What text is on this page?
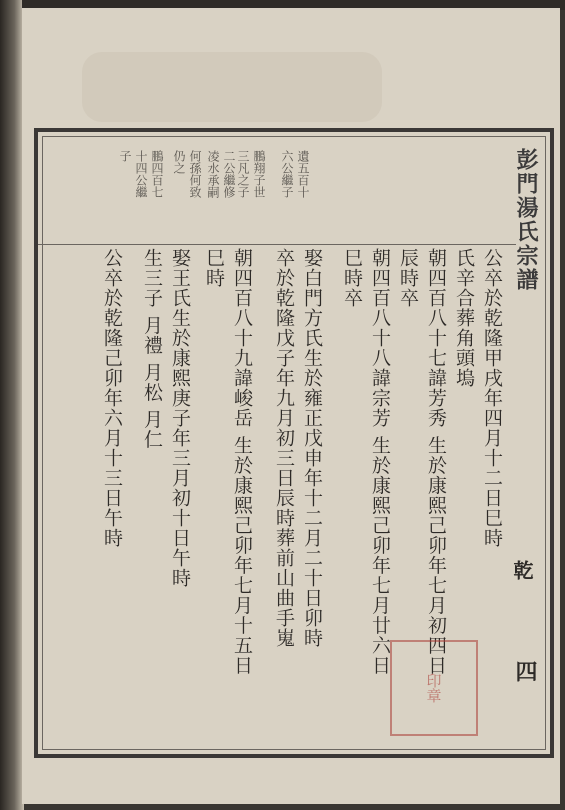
彭門湯氏宗譜
遺五百十
六公繼子
鵬翔子世
三凡之子
二公繼修
凌水承嗣
何孫何致
仍之
鵬四百七
十四公繼
子
公卒於乾隆甲戌年四月十二日巳時
氏辛合葬角頭塢
朝四百八十七諱芳秀 生於康熙己卯年七月初四日
辰時卒
朝四百八十八諱宗芳 生於康熙己卯年七月廿六日
巳時卒
娶白門方氏生於雍正戊申年十二月二十日卯時
卒於乾隆戊子年九月初三日辰時葬前山曲手嵬
朝四百八十九諱峻岳 生於康熙己卯年七月十五日
巳時
娶王氏生於康熙庚子年三月初十日午時
生三子 月禮 月松 月仁
公卒於乾隆己卯年六月十三日午時
乾
四
印章
